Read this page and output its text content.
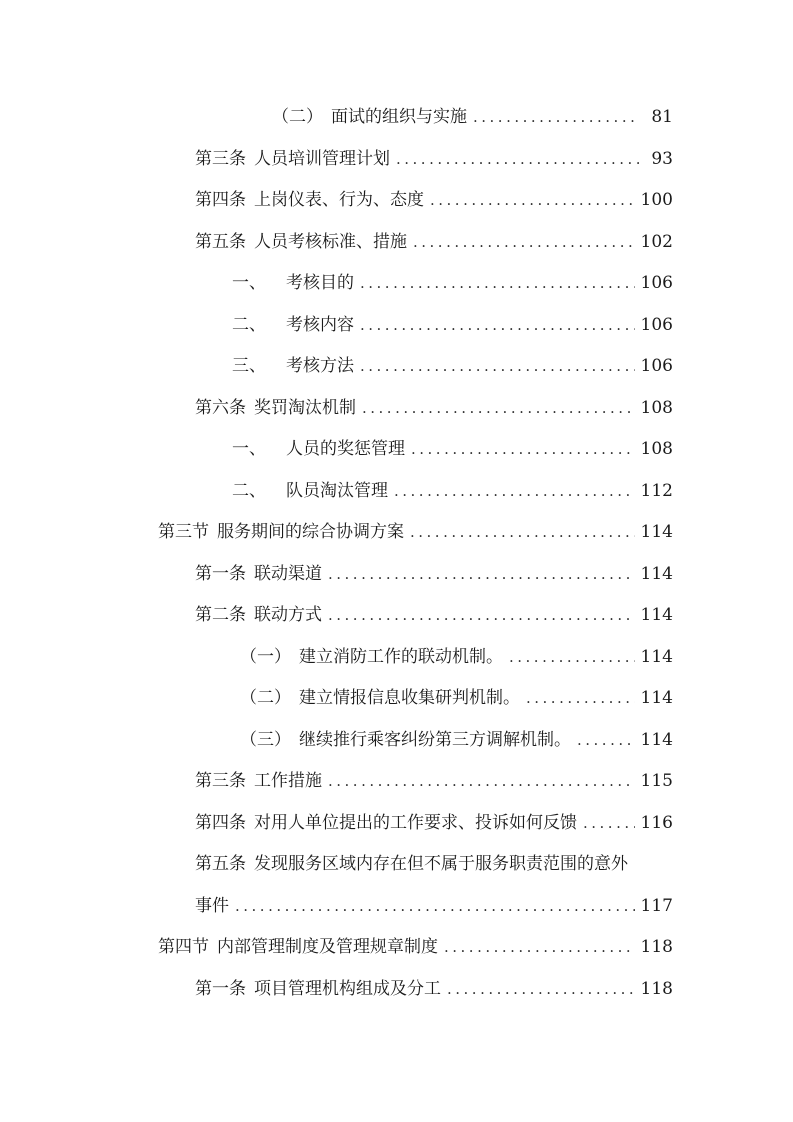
（二） 面试的组织与实施 .....	81
第三条 人员培训管理计划 .....	93
第四条 上岗仪表、行为、态度 .....	100
第五条 人员考核标准、措施 .....	102
一、 考核目的 .....	106
二、 考核内容 .....	106
三、 考核方法 .....	106
第六条 奖罚淘汰机制 .....	108
一、 人员的奖惩管理 .....	108
二、 队员淘汰管理 .....	112
第三节 服务期间的综合协调方案 .....	114
第一条 联动渠道 .....	114
第二条 联动方式 .....	114
（一） 建立消防工作的联动机制。 .....	114
（二） 建立情报信息收集研判机制。 .....	114
（三） 继续推行乘客纠纷第三方调解机制。 .....	114
第三条 工作措施 .....	115
第四条 对用人单位提出的工作要求、投诉如何反馈 .....	116
第五条 发现服务区域内存在但不属于服务职责范围的意外
事件 .....	117
第四节 内部管理制度及管理规章制度 .....	118
第一条 项目管理机构组成及分工 .....	118
